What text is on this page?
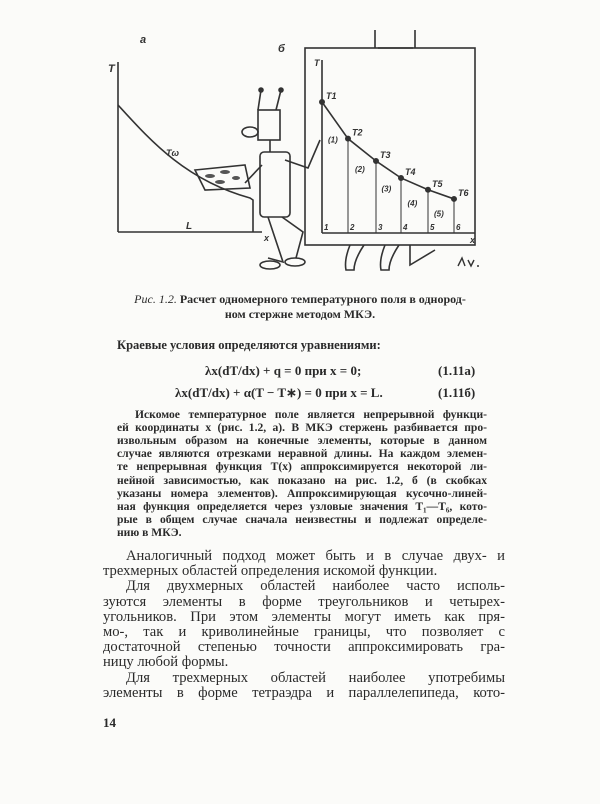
а
T
L
Tω
x
T1
1
(1)
T2
2
(2)
T3
3
(3)
T4
4
(4)
T5
5
(5)
T6
6
б
T
x
Рис. 1.2. Расчет одномерного температурного поля в однород-
ном стержне методом МКЭ.
Краевые условия определяются уравнениями:
λx(dT/dx) + q = 0 при x = 0;	(1.11а)
λx(dT/dx) + α(T − T∗) = 0 при x = L.	(1.11б)
Искомое температурное поле является непрерывной функци-
ей координаты x (рис. 1.2, а). В МКЭ стержень разбивается про-
извольным образом на конечные элементы, которые в данном
случае являются отрезками неравной длины. На каждом элемен-
те непрерывная функция T(x) аппроксимируется некоторой ли-
нейной зависимостью, как показано на рис. 1.2, б (в скобках
указаны номера элементов). Аппроксимирующая кусочно-линей-
ная функция определяется через узловые значения T₁—T₆, кото-
рые в общем случае сначала неизвестны и подлежат определе-
нию в МКЭ.
Аналогичный подход может быть и в случае двух- и
трехмерных областей определения искомой функции.
Для двухмерных областей наиболее часто исполь-
зуются элементы в форме треугольников и четырех-
угольников. При этом элементы могут иметь как пря-
мо-, так и криволинейные границы, что позволяет с
достаточной степенью точности аппроксимировать гра-
ницу любой формы.
Для трехмерных областей наиболее употребимы
элементы в форме тетраэдра и параллелепипеда, кото-
14
